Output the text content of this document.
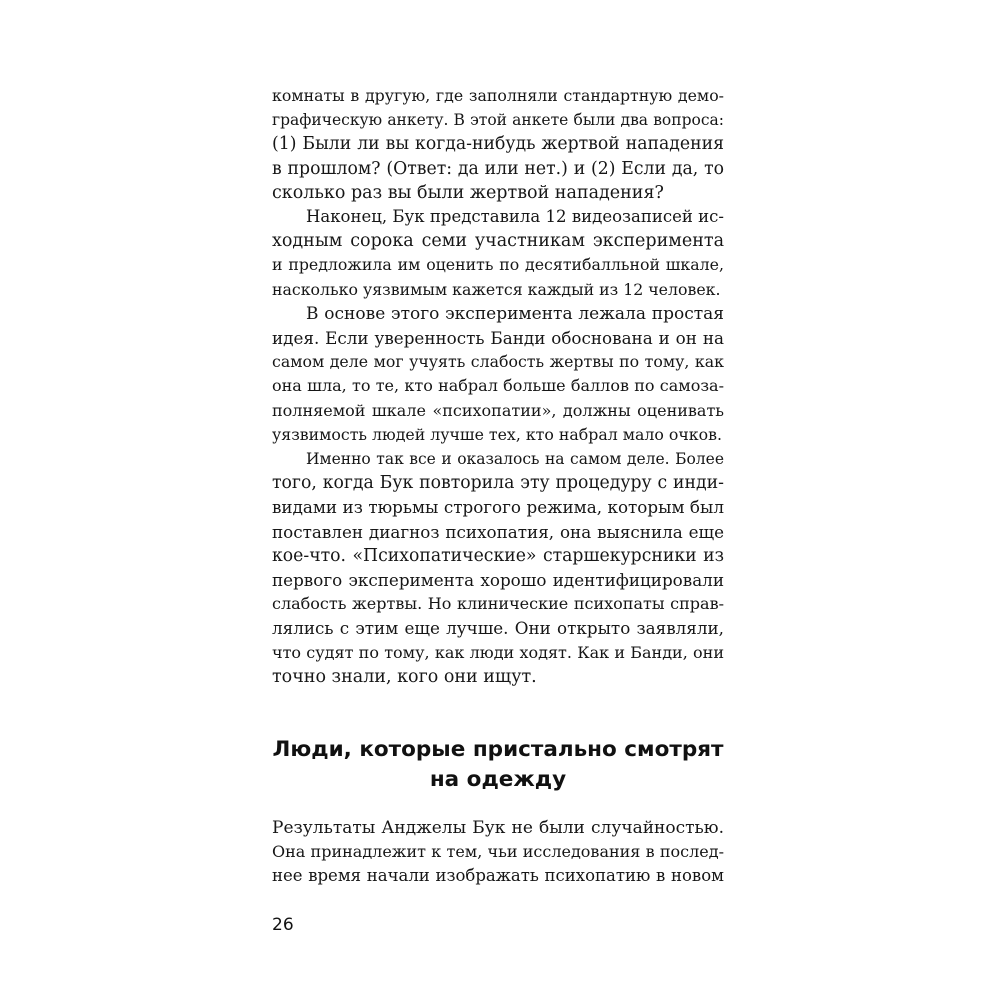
комнаты в другую, где заполняли стандартную демо-
графическую анкету. В этой анкете были два вопроса:
(1) Были ли вы когда-нибудь жертвой нападения
в прошлом? (Ответ: да или нет.) и (2) Если да, то
сколько раз вы были жертвой нападения?
Наконец, Бук представила 12 видеозаписей ис-
ходным сорока семи участникам эксперимента
и предложила им оценить по десятибалльной шкале,
насколько уязвимым кажется каждый из 12 человек.
В основе этого эксперимента лежала простая
идея. Если уверенность Банди обоснована и он на
самом деле мог учуять слабость жертвы по тому, как
она шла, то те, кто набрал больше баллов по самоза-
полняемой шкале «психопатии», должны оценивать
уязвимость людей лучше тех, кто набрал мало очков.
Именно так все и оказалось на самом деле. Более
того, когда Бук повторила эту процедуру с инди-
видами из тюрьмы строгого режима, которым был
поставлен диагноз психопатия, она выяснила еще
кое-что. «Психопатические» старшекурсники из
первого эксперимента хорошо идентифицировали
слабость жертвы. Но клинические психопаты справ-
лялись с этим еще лучше. Они открыто заявляли,
что судят по тому, как люди ходят. Как и Банди, они
точно знали, кого они ищут.
Люди, которые пристально смотрят
на одежду
Результаты Анджелы Бук не были случайностью.
Она принадлежит к тем, чьи исследования в послед-
нее время начали изображать психопатию в новом
26
